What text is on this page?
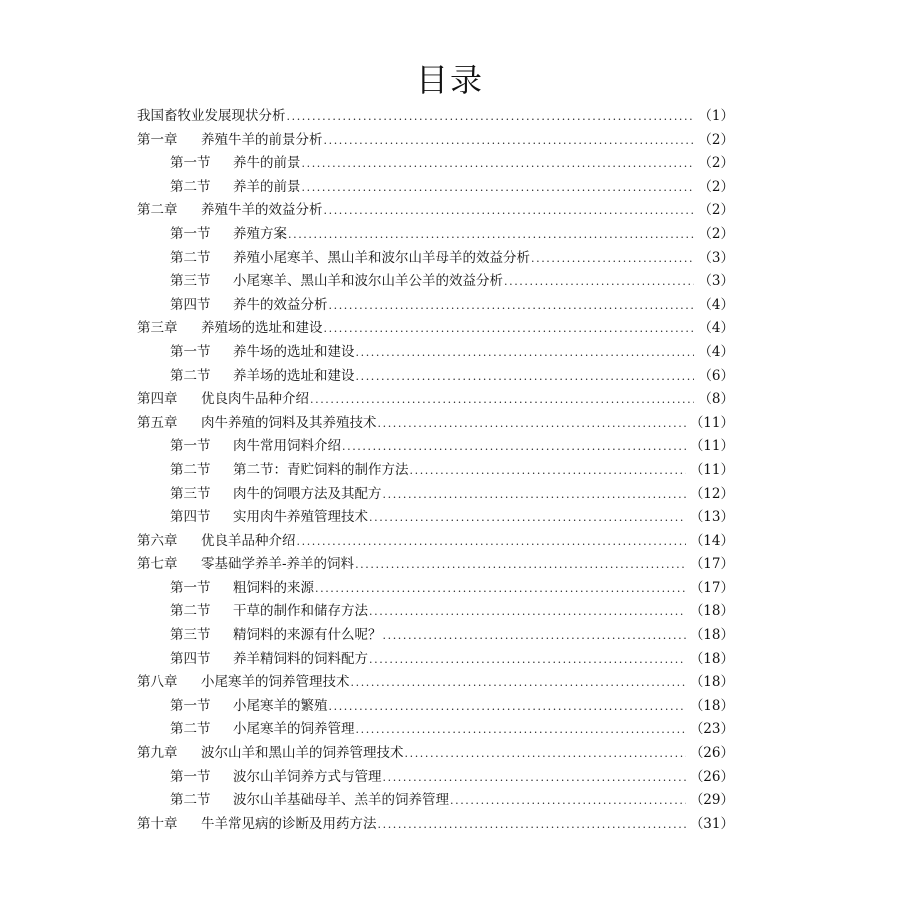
目录
我国畜牧业发展现状分析 .....	（1）
第一章	养殖牛羊的前景分析 .....	（2）
第一节	养牛的前景 .....	（2）
第二节	养羊的前景 .....	（2）
第二章	养殖牛羊的效益分析 .....	（2）
第一节	养殖方案 .....	（2）
第二节	养殖小尾寒羊、黑山羊和波尔山羊母羊的效益分析 .....	（3）
第三节	小尾寒羊、黑山羊和波尔山羊公羊的效益分析 .....	（3）
第四节	养牛的效益分析 .....	（4）
第三章	养殖场的选址和建设 .....	（4）
第一节	养牛场的选址和建设 .....	（4）
第二节	养羊场的选址和建设 .....	（6）
第四章	优良肉牛品种介绍 .....	（8）
第五章	肉牛养殖的饲料及其养殖技术 .....	（11）
第一节	肉牛常用饲料介绍 .....	（11）
第二节	第二节：青贮饲料的制作方法 .....	（11）
第三节	肉牛的饲喂方法及其配方 .....	（12）
第四节	实用肉牛养殖管理技术 .....	（13）
第六章	优良羊品种介绍 .....	（14）
第七章	零基础学养羊-养羊的饲料 .....	（17）
第一节	粗饲料的来源 .....	（17）
第二节	干草的制作和储存方法 .....	（18）
第三节	精饲料的来源有什么呢？ .....	（18）
第四节	养羊精饲料的饲料配方 .....	（18）
第八章	小尾寒羊的饲养管理技术 .....	（18）
第一节	小尾寒羊的繁殖 .....	（18）
第二节	小尾寒羊的饲养管理 .....	（23）
第九章	波尔山羊和黑山羊的饲养管理技术 .....	（26）
第一节	波尔山羊饲养方式与管理 .....	（26）
第二节	波尔山羊基础母羊、羔羊的饲养管理 .....	（29）
第十章	牛羊常见病的诊断及用药方法 .....	（31）
